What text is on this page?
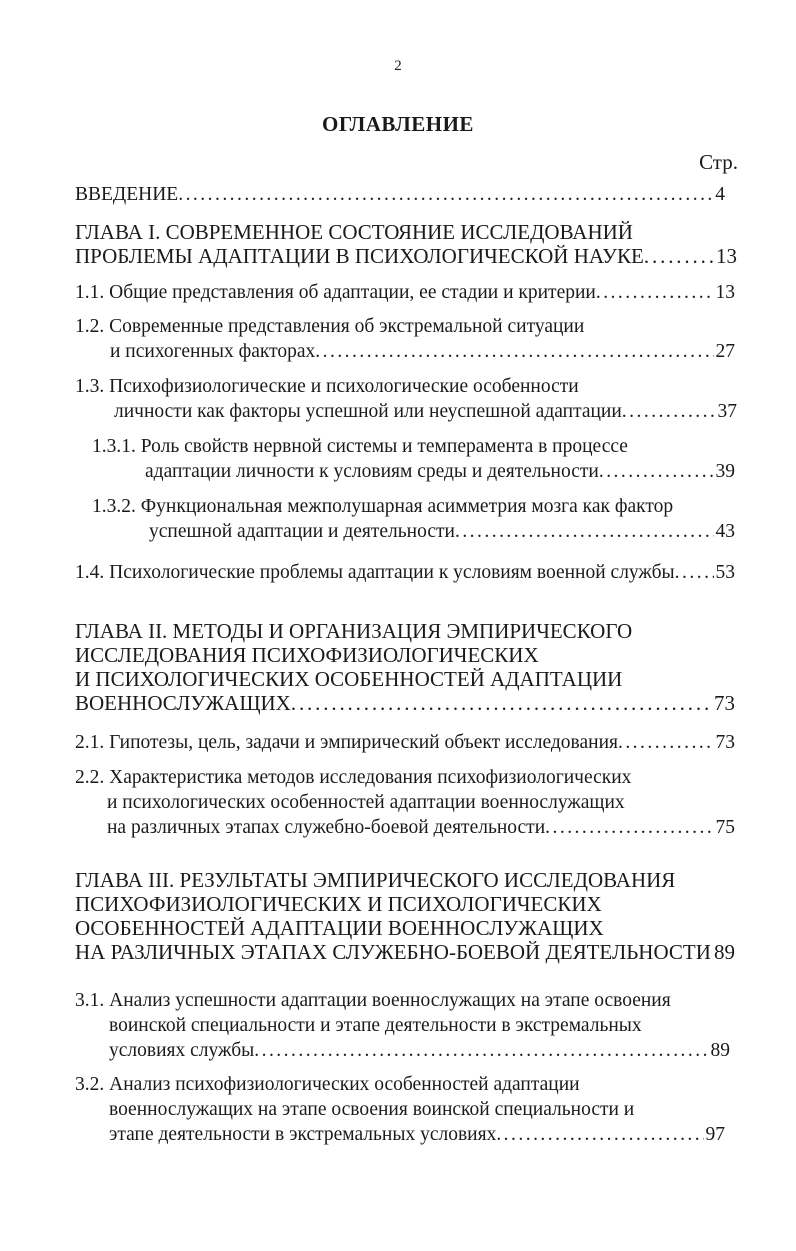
2
ОГЛАВЛЕНИЕ
Стр.
ВВЕДЕНИЕ . . .	4
ГЛАВА I. СОВРЕМЕННОЕ СОСТОЯНИЕ ИССЛЕДОВАНИЙ
ПРОБЛЕМЫ АДАПТАЦИИ В ПСИХОЛОГИЧЕСКОЙ НАУКЕ . . .	13
1.1. Общие представления об адаптации, ее стадии и критерии . . .	13
1.2. Современные представления об экстремальной ситуации
и психогенных факторах . . .	27
1.3. Психофизиологические и психологические особенности
личности как факторы успешной или неуспешной адаптации . . .	37
1.3.1. Роль свойств нервной системы и темперамента в процессе
адаптации личности к условиям среды и деятельности . . .	39
1.3.2. Функциональная межполушарная асимметрия мозга как фактор
успешной адаптации и деятельности . . .	43
1.4. Психологические проблемы адаптации к условиям военной службы . . . 53
ГЛАВА II. МЕТОДЫ И ОРГАНИЗАЦИЯ ЭМПИРИЧЕСКОГО
ИССЛЕДОВАНИЯ ПСИХОФИЗИОЛОГИЧЕСКИХ
И ПСИХОЛОГИЧЕСКИХ ОСОБЕННОСТЕЙ АДАПТАЦИИ
ВОЕННОСЛУЖАЩИХ . . .	73
2.1. Гипотезы, цель, задачи и эмпирический объект исследования . . .	73
2.2. Характеристика методов исследования психофизиологических
и психологических особенностей адаптации военнослужащих
на различных этапах служебно-боевой деятельности . . .	75
ГЛАВА III. РЕЗУЛЬТАТЫ ЭМПИРИЧЕСКОГО ИССЛЕДОВАНИЯ
ПСИХОФИЗИОЛОГИЧЕСКИХ И ПСИХОЛОГИЧЕСКИХ
ОСОБЕННОСТЕЙ АДАПТАЦИИ ВОЕННОСЛУЖАЩИХ
НА РАЗЛИЧНЫХ ЭТАПАХ СЛУЖЕБНО-БОЕВОЙ ДЕЯТЕЛЬНОСТИ . . . 89
3.1. Анализ успешности адаптации военнослужащих на этапе освоения
воинской специальности и этапе деятельности в экстремальных
условиях службы . . .	89
3.2. Анализ психофизиологических особенностей адаптации
военнослужащих на этапе освоения воинской специальности и
этапе деятельности в экстремальных условиях . . .	97
